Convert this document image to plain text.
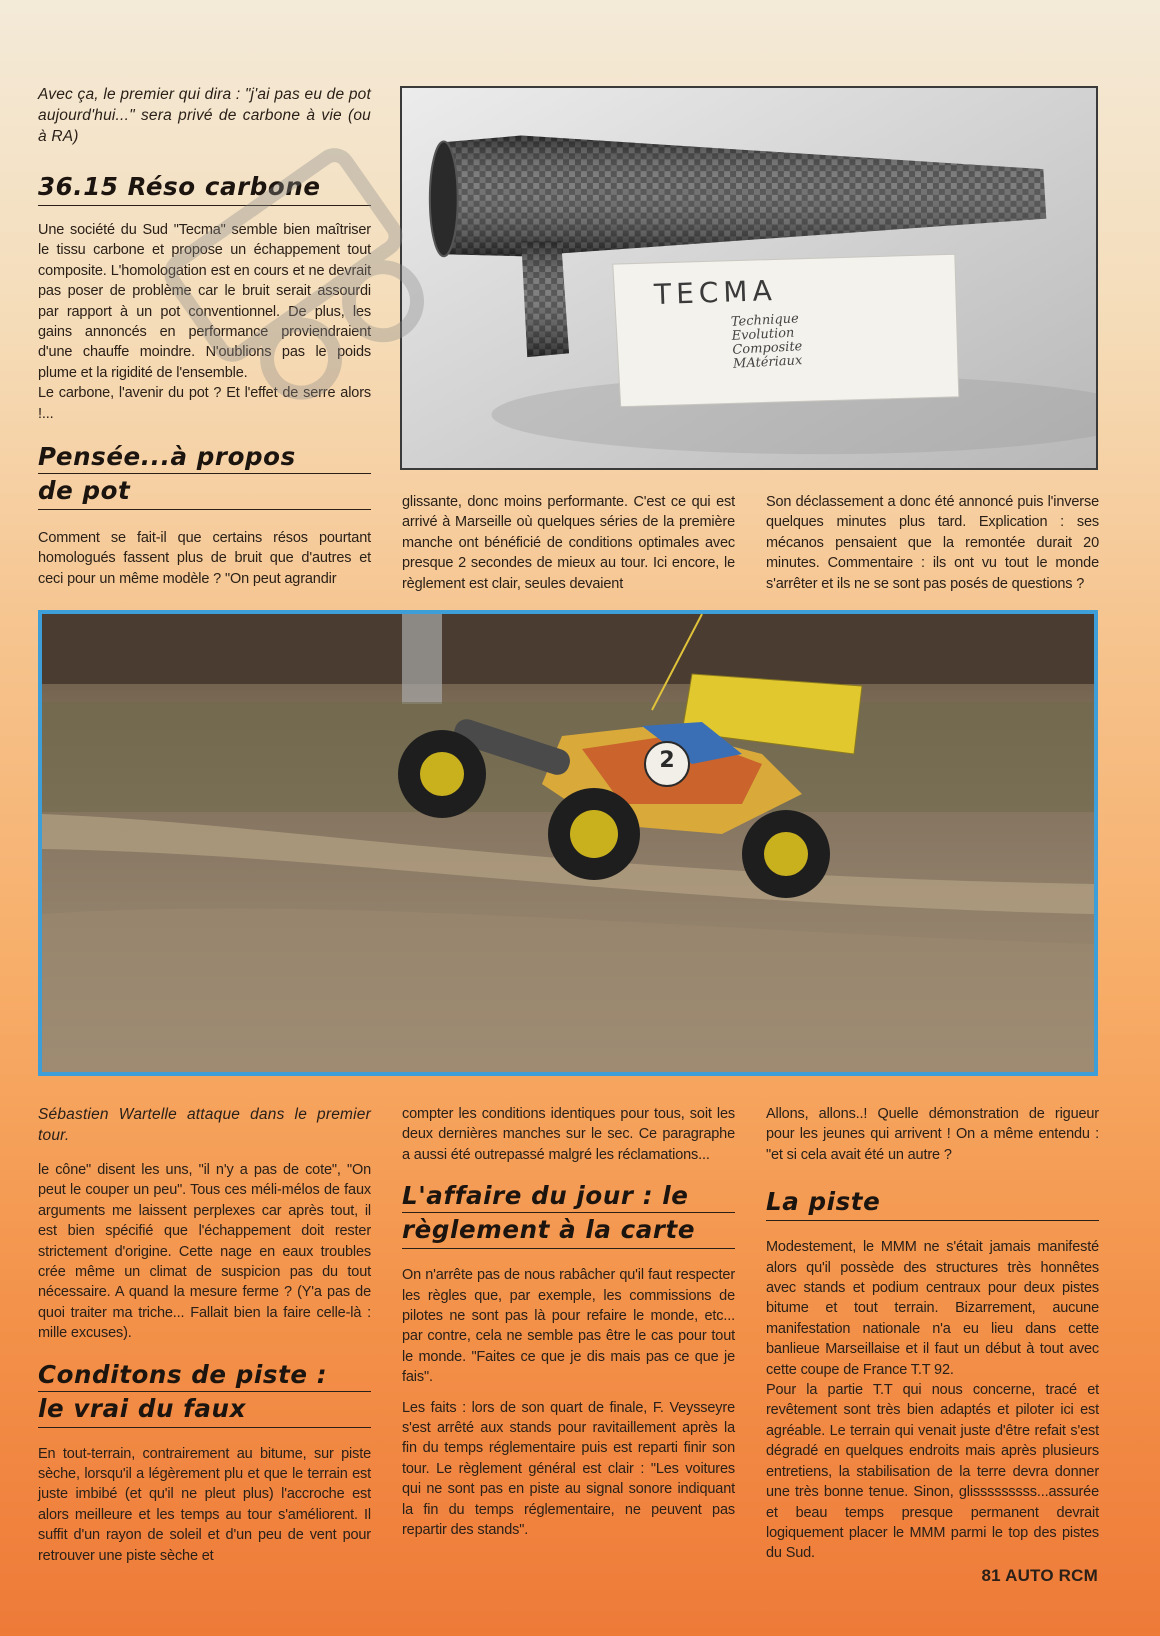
Avec ça, le premier qui dira : "j'ai pas eu de pot aujourd'hui..." sera privé de carbone à vie (ou à RA)

36.15 Réso carbone

Une société du Sud "Tecma" semble bien maîtriser le tissu carbone et propose un échappement tout composite. L'homologation est en cours et ne devrait pas poser de problème car le bruit serait assourdi par rapport à un pot conventionnel. De plus, les gains annoncés en performance proviendraient d'une chauffe moindre. N'oublions pas le poids plume et la rigidité de l'ensemble.

Le carbone, l'avenir du pot ? Et l'effet de serre alors !...

Pensée...à propos
de pot

Comment se fait-il que certains résos pourtant homologués fassent plus de bruit que d'autres et ceci pour un même modèle ? "On peut agrandir

TECMA
Technique
Evolution
Composite
MAtériaux

glissante, donc moins performante. C'est ce qui est arrivé à Marseille où quelques séries de la première manche ont bénéficié de conditions optimales avec presque 2 secondes de mieux au tour. Ici encore, le règlement est clair, seules devaient

Son déclassement a donc été annoncé puis l'inverse quelques minutes plus tard. Explication : ses mécanos pensaient que la remontée durait 20 minutes. Commentaire : ils ont vu tout le monde s'arrêter et ils ne se sont pas posés de questions ?

2

Sébastien Wartelle attaque dans le premier tour.

le cône" disent les uns, "il n'y a pas de cote", "On peut le couper un peu". Tous ces méli-mélos de faux arguments me laissent perplexes car après tout, il est bien spécifié que l'échappement doit rester strictement d'origine. Cette nage en eaux troubles crée même un climat de suspicion pas du tout nécessaire. A quand la mesure ferme ? (Y'a pas de quoi traiter ma triche... Fallait bien la faire celle-là : mille excuses).

Conditons de piste :
le vrai du faux

En tout-terrain, contrairement au bitume, sur piste sèche, lorsqu'il a légèrement plu et que le terrain est juste imbibé (et qu'il ne pleut plus) l'accroche est alors meilleure et les temps au tour s'améliorent. Il suffit d'un rayon de soleil et d'un peu de vent pour retrouver une piste sèche et

compter les conditions identiques pour tous, soit les deux dernières manches sur le sec. Ce paragraphe a aussi été outrepassé malgré les réclamations...

L'affaire du jour : le
règlement à la carte

On n'arrête pas de nous rabâcher qu'il faut respecter les règles que, par exemple, les commissions de pilotes ne sont pas là pour refaire le monde, etc... par contre, cela ne semble pas être le cas pour tout le monde. "Faites ce que je dis mais pas ce que je fais".

Les faits : lors de son quart de finale, F. Veysseyre s'est arrêté aux stands pour ravitaillement après la fin du temps réglementaire puis est reparti finir son tour. Le règlement général est clair : "Les voitures qui ne sont pas en piste au signal sonore indiquant la fin du temps réglementaire, ne peuvent pas repartir des stands".

Allons, allons..! Quelle démonstration de rigueur pour les jeunes qui arrivent ! On a même entendu : "et si cela avait été un autre ?

La piste

Modestement, le MMM ne s'était jamais manifesté alors qu'il possède des structures très honnêtes avec stands et podium centraux pour deux pistes bitume et tout terrain. Bizarrement, aucune manifestation nationale n'a eu lieu dans cette banlieue Marseillaise et il faut un début à tout avec cette coupe de France T.T 92.

Pour la partie T.T qui nous concerne, tracé et revêtement sont très bien adaptés et piloter ici est agréable. Le terrain qui venait juste d'être refait s'est dégradé en quelques endroits mais après plusieurs entretiens, la stabilisation de la terre devra donner une très bonne tenue. Sinon, glisssssssss...assurée et beau temps presque permanent devrait logiquement placer le MMM parmi le top des pistes du Sud.

81 AUTO RCM
